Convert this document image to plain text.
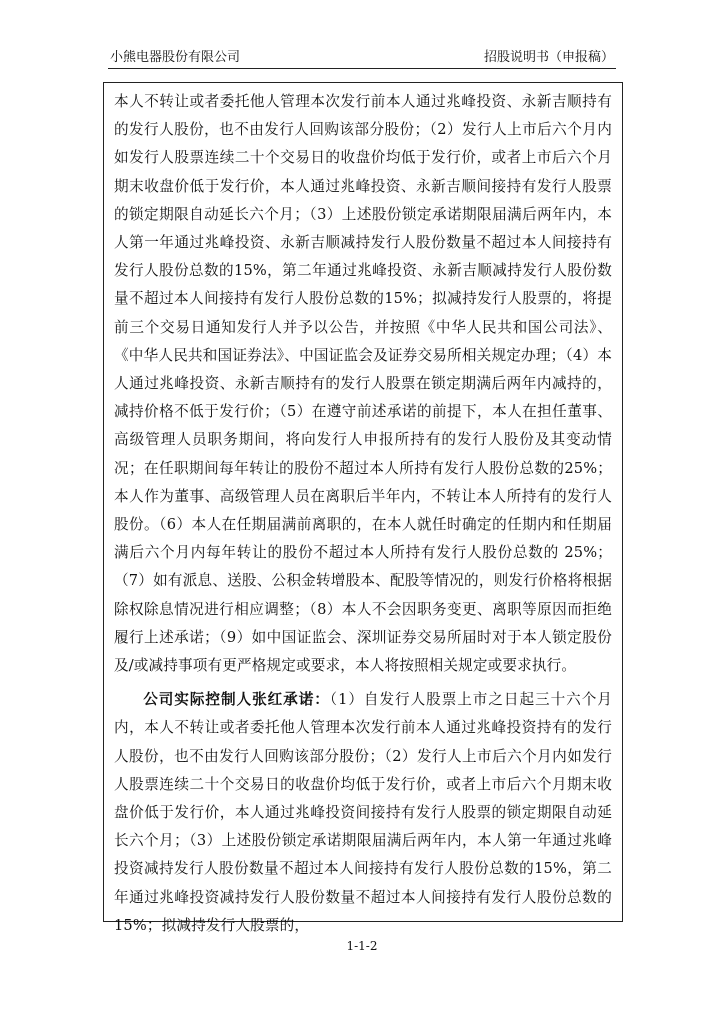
小熊电器股份有限公司	招股说明书（申报稿）

本人不转让或者委托他人管理本次发行前本人通过兆峰投资、永新吉顺持有的发行人股份，也不由发行人回购该部分股份；（2）发行人上市后六个月内如发行人股票连续二十个交易日的收盘价均低于发行价，或者上市后六个月期末收盘价低于发行价，本人通过兆峰投资、永新吉顺间接持有发行人股票的锁定期限自动延长六个月；（3）上述股份锁定承诺期限届满后两年内，本人第一年通过兆峰投资、永新吉顺减持发行人股份数量不超过本人间接持有发行人股份总数的15%，第二年通过兆峰投资、永新吉顺减持发行人股份数量不超过本人间接持有发行人股份总数的15%；拟减持发行人股票的，将提前三个交易日通知发行人并予以公告，并按照《中华人民共和国公司法》、《中华人民共和国证券法》、中国证监会及证券交易所相关规定办理；（4）本人通过兆峰投资、永新吉顺持有的发行人股票在锁定期满后两年内减持的，减持价格不低于发行价；（5）在遵守前述承诺的前提下，本人在担任董事、高级管理人员职务期间，将向发行人申报所持有的发行人股份及其变动情况；在任职期间每年转让的股份不超过本人所持有发行人股份总数的25%；本人作为董事、高级管理人员在离职后半年内，不转让本人所持有的发行人股份。（6）本人在任期届满前离职的，在本人就任时确定的任期内和任期届满后六个月内每年转让的股份不超过本人所持有发行人股份总数的 25%；（7）如有派息、送股、公积金转增股本、配股等情况的，则发行价格将根据除权除息情况进行相应调整；（8）本人不会因职务变更、离职等原因而拒绝履行上述承诺；（9）如中国证监会、深圳证券交易所届时对于本人锁定股份及/或减持事项有更严格规定或要求，本人将按照相关规定或要求执行。

公司实际控制人张红承诺：（1）自发行人股票上市之日起三十六个月内，本人不转让或者委托他人管理本次发行前本人通过兆峰投资持有的发行人股份，也不由发行人回购该部分股份；（2）发行人上市后六个月内如发行人股票连续二十个交易日的收盘价均低于发行价，或者上市后六个月期末收盘价低于发行价，本人通过兆峰投资间接持有发行人股票的锁定期限自动延长六个月；（3）上述股份锁定承诺期限届满后两年内，本人第一年通过兆峰投资减持发行人股份数量不超过本人间接持有发行人股份总数的15%，第二年通过兆峰投资减持发行人股份数量不超过本人间接持有发行人股份总数的15%；拟减持发行人股票的，

1-1-2
